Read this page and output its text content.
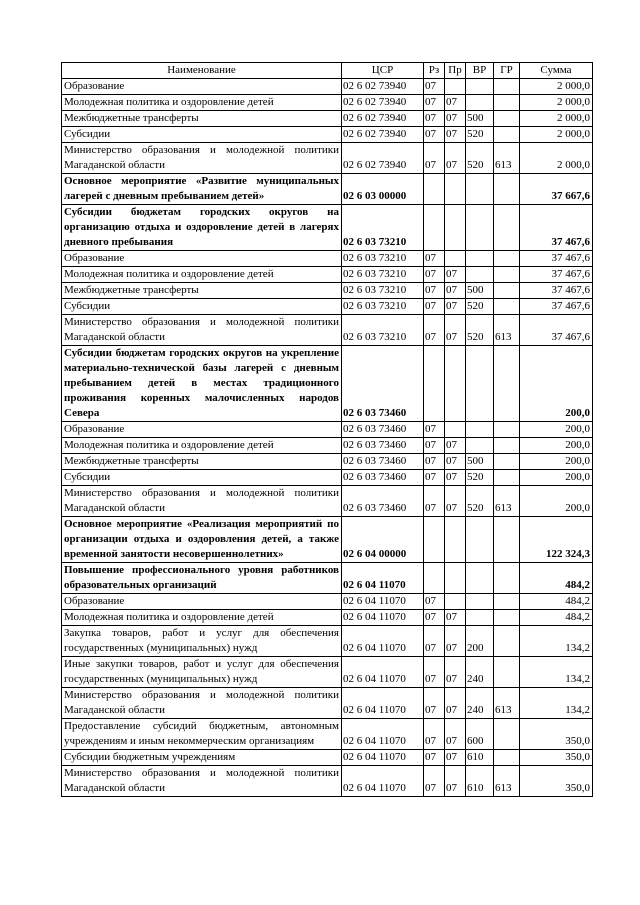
Наименование	ЦСР	Рз	Пр	ВР	ГР	Сумма
Образование	02 6 02 73940	07				2 000,0
Молодежная политика и оздоровление детей	02 6 02 73940	07	07			2 000,0
Межбюджетные трансферты	02 6 02 73940	07	07	500		2 000,0
Субсидии	02 6 02 73940	07	07	520		2 000,0
Министерство образования и молодежной политики Магаданской области	02 6 02 73940	07	07	520	613	2 000,0
Основное мероприятие «Развитие муниципальных лагерей с дневным пребыванием детей»	02 6 03 00000					37 667,6
Субсидии бюджетам городских округов на организацию отдыха и оздоровление детей в лагерях дневного пребывания	02 6 03 73210					37 467,6
Образование	02 6 03 73210	07				37 467,6
Молодежная политика и оздоровление детей	02 6 03 73210	07	07			37 467,6
Межбюджетные трансферты	02 6 03 73210	07	07	500		37 467,6
Субсидии	02 6 03 73210	07	07	520		37 467,6
Министерство образования и молодежной политики Магаданской области	02 6 03 73210	07	07	520	613	37 467,6
Субсидии бюджетам городских округов на укрепление материально-технической базы лагерей с дневным пребыванием детей в местах традиционного проживания коренных малочисленных народов Севера	02 6 03 73460					200,0
Образование	02 6 03 73460	07				200,0
Молодежная политика и оздоровление детей	02 6 03 73460	07	07			200,0
Межбюджетные трансферты	02 6 03 73460	07	07	500		200,0
Субсидии	02 6 03 73460	07	07	520		200,0
Министерство образования и молодежной политики Магаданской области	02 6 03 73460	07	07	520	613	200,0
Основное мероприятие «Реализация мероприятий по организации отдыха и оздоровления детей, а также временной занятости несовершеннолетних»	02 6 04 00000					122 324,3
Повышение профессионального уровня работников образовательных организаций	02 6 04 11070					484,2
Образование	02 6 04 11070	07				484,2
Молодежная политика и оздоровление детей	02 6 04 11070	07	07			484,2
Закупка товаров, работ и услуг для обеспечения государственных (муниципальных) нужд	02 6 04 11070	07	07	200		134,2
Иные закупки товаров, работ и услуг для обеспечения государственных (муниципальных) нужд	02 6 04 11070	07	07	240		134,2
Министерство образования и молодежной политики Магаданской области	02 6 04 11070	07	07	240	613	134,2
Предоставление субсидий бюджетным, автономным учреждениям и иным некоммерческим организациям	02 6 04 11070	07	07	600		350,0
Субсидии бюджетным учреждениям	02 6 04 11070	07	07	610		350,0
Министерство образования и молодежной политики Магаданской области	02 6 04 11070	07	07	610	613	350,0
